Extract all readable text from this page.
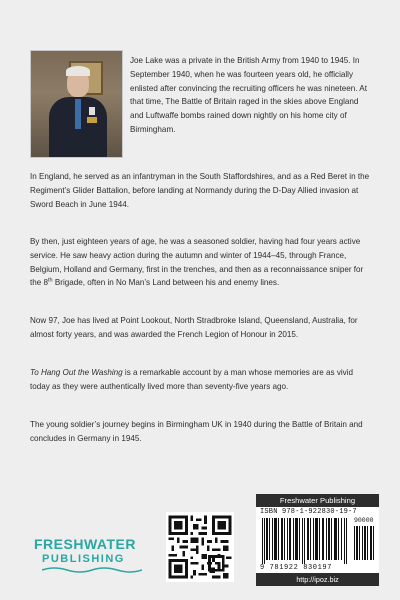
Joe Lake was a private in the British Army from 1940 to 1945. In September 1940, when he was fourteen years old, he officially enlisted after convincing the recruiting officers he was nineteen. At that time, The Battle of Britain raged in the skies above England and Luftwaffe bombs rained down nightly on his home city of Birmingham.

In England, he served as an infantryman in the South Staffordshires, and as a Red Beret in the Regiment’s Glider Battalion, before landing at Normandy during the D-Day Allied invasion at Sword Beach in June 1944.

By then, just eighteen years of age, he was a seasoned soldier, having had four years active service. He saw heavy action during the autumn and winter of 1944–45, through France, Belgium, Holland and Germany, first in the trenches, and then as a reconnaissance sniper for the 8th Brigade, often in No Man’s Land between his and enemy lines.

Now 97, Joe has lived at Point Lookout, North Stradbroke Island, Queensland, Australia, for almost forty years, and was awarded the French Legion of Honour in 2015.

To Hang Out the Washing is a remarkable account by a man whose memories are as vivid today as they were authentically lived more than seventy-five years ago.

The young soldier’s journey begins in Birmingham UK in 1940 during the Battle of Britain and concludes in Germany in 1945.

FRESHWATER
PUBLISHING
Freshwater Publishing
ISBN 978-1-922830-19-7
90000
9 781922 830197
http://ipoz.biz
